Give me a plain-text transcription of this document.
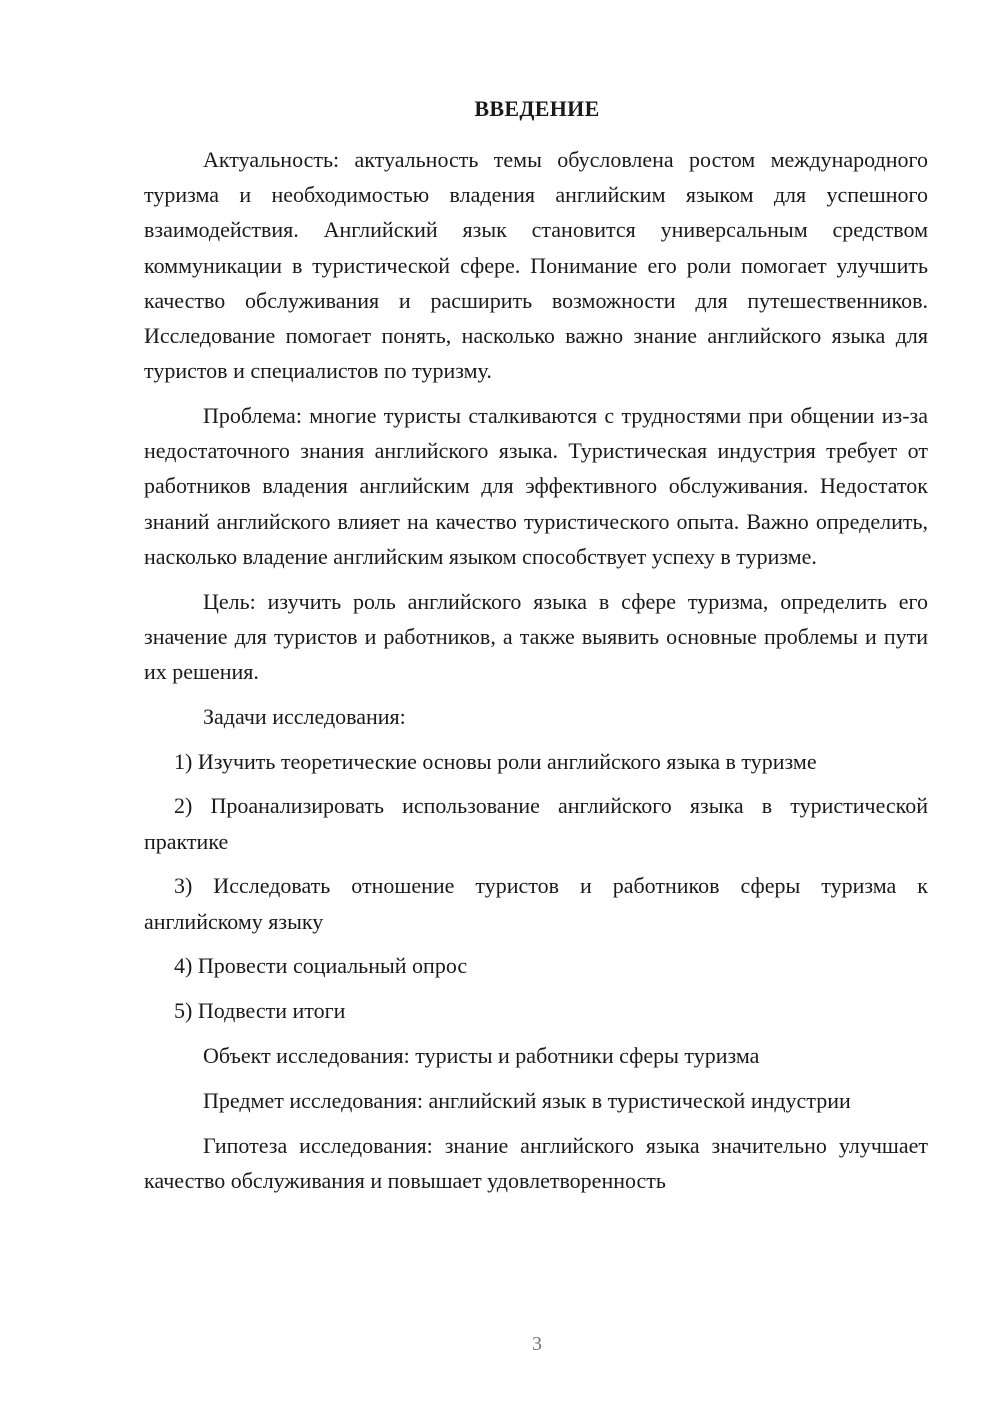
ВВЕДЕНИЕ

Актуальность: актуальность темы обусловлена ростом международного туризма и необходимостью владения английским языком для успешного взаимодействия. Английский язык становится универсальным средством коммуникации в туристической сфере. Понимание его роли помогает улучшить качество обслуживания и расширить возможности для путешественников. Исследование помогает понять, насколько важно знание английского языка для туристов и специалистов по туризму.

Проблема: многие туристы сталкиваются с трудностями при общении из-за недостаточного знания английского языка. Туристическая индустрия требует от работников владения английским для эффективного обслуживания. Недостаток знаний английского влияет на качество туристического опыта. Важно определить, насколько владение английским языком способствует успеху в туризме.

Цель: изучить роль английского языка в сфере туризма, определить его значение для туристов и работников, а также выявить основные проблемы и пути их решения.

Задачи исследования:

1) Изучить теоретические основы роли английского языка в туризме

2) Проанализировать использование английского языка в туристической практике

3) Исследовать отношение туристов и работников сферы туризма к английскому языку

4) Провести социальный опрос

5) Подвести итоги

Объект исследования: туристы и работники сферы туризма

Предмет исследования: английский язык в туристической индустрии

Гипотеза исследования: знание английского языка значительно улучшает качество обслуживания и повышает удовлетворенность

3
